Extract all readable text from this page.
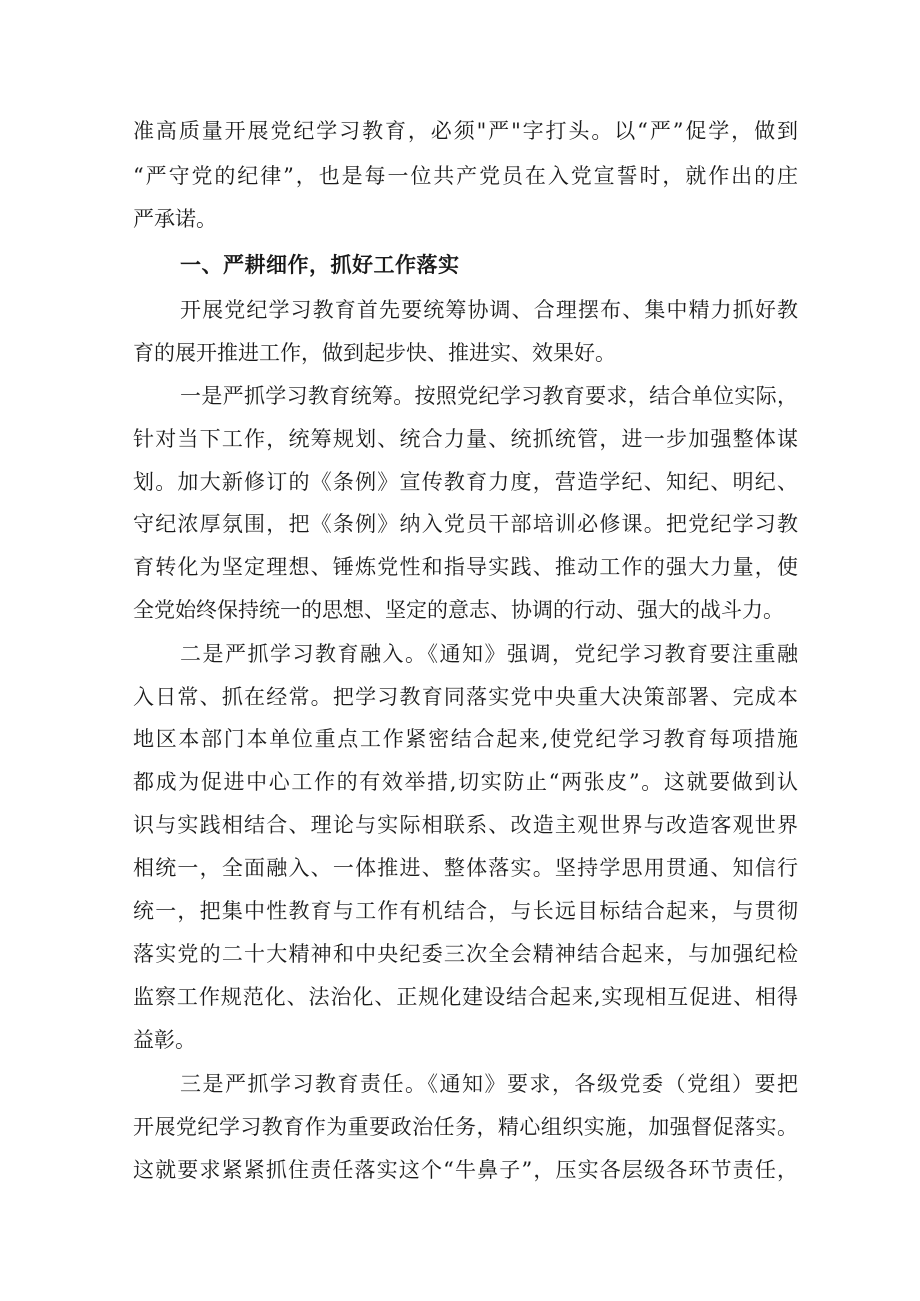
准高质量开展党纪学习教育，必须"严"字打头。以“严”促学，做到

“严守党的纪律”，也是每一位共产党员在入党宣誓时，就作出的庄

严承诺。

一、严耕细作，抓好工作落实

开展党纪学习教育首先要统筹协调、合理摆布、集中精力抓好教

育的展开推进工作，做到起步快、推进实、效果好。

一是严抓学习教育统筹。按照党纪学习教育要求，结合单位实际，

针对当下工作，统筹规划、统合力量、统抓统管，进一步加强整体谋

划。加大新修订的《条例》宣传教育力度，营造学纪、知纪、明纪、

守纪浓厚氛围，把《条例》纳入党员干部培训必修课。把党纪学习教

育转化为坚定理想、锤炼党性和指导实践、推动工作的强大力量，使

全党始终保持统一的思想、坚定的意志、协调的行动、强大的战斗力。

二是严抓学习教育融入。《通知》强调，党纪学习教育要注重融

入日常、抓在经常。把学习教育同落实党中央重大决策部署、完成本

地区本部门本单位重点工作紧密结合起来,使党纪学习教育每项措施

都成为促进中心工作的有效举措,切实防止“两张皮”。这就要做到认

识与实践相结合、理论与实际相联系、改造主观世界与改造客观世界

相统一，全面融入、一体推进、整体落实。坚持学思用贯通、知信行

统一，把集中性教育与工作有机结合，与长远目标结合起来，与贯彻

落实党的二十大精神和中央纪委三次全会精神结合起来，与加强纪检

监察工作规范化、法治化、正规化建设结合起来,实现相互促进、相得

益彰。

三是严抓学习教育责任。《通知》要求，各级党委（党组）要把

开展党纪学习教育作为重要政治任务，精心组织实施，加强督促落实。

这就要求紧紧抓住责任落实这个“牛鼻子”，压实各层级各环节责任，
